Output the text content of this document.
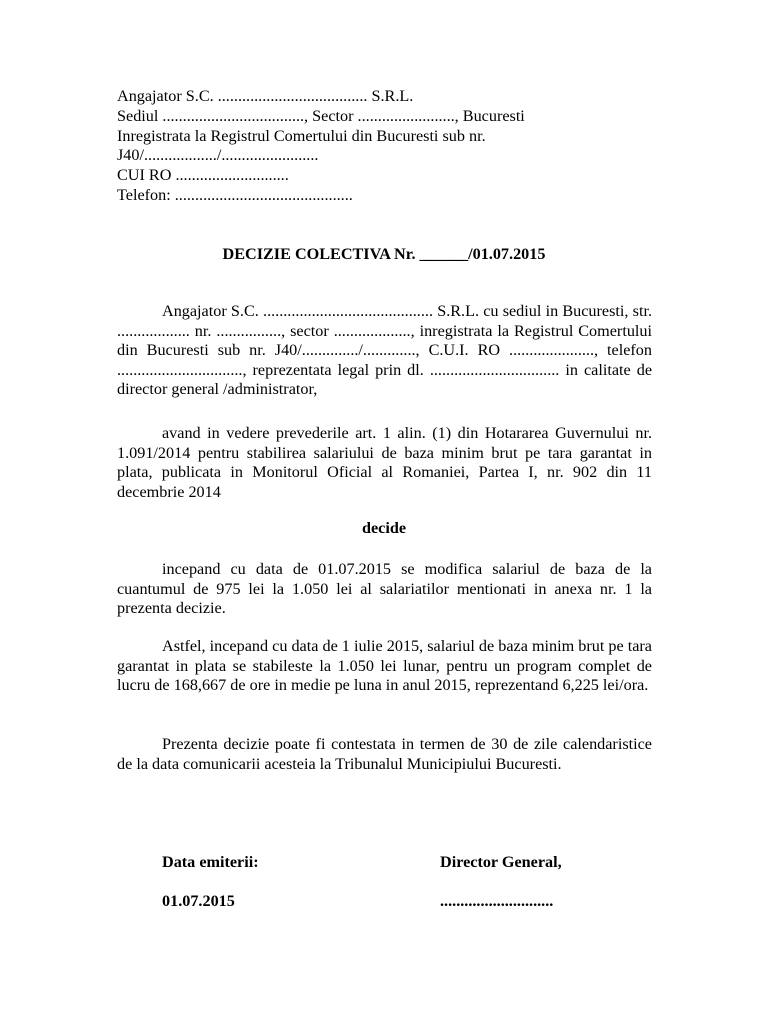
Angajator S.C. ..................................... S.R.L.
Sediul ..................................., Sector ........................, Bucuresti
Inregistrata la Registrul Comertului din Bucuresti sub nr.
J40/................../........................
CUI RO ............................
Telefon: ............................................
DECIZIE COLECTIVA Nr. ______/01.07.2015
Angajator S.C. .......................................... S.R.L. cu sediul in Bucuresti, str. .................. nr. ................, sector ..................., inregistrata la Registrul Comertului din Bucuresti sub nr. J40/............../............., C.U.I. RO ....................., telefon ..............................., reprezentata legal prin dl. ................................ in calitate de director general /administrator,
avand in vedere prevederile art. 1 alin. (1) din Hotararea Guvernului nr. 1.091/2014 pentru stabilirea salariului de baza minim brut pe tara garantat in plata, publicata in Monitorul Oficial al Romaniei, Partea I, nr. 902 din 11 decembrie 2014
decide
incepand cu data de 01.07.2015 se modifica salariul de baza de la cuantumul de 975 lei la 1.050 lei al salariatilor mentionati in anexa nr. 1 la prezenta decizie.
Astfel, incepand cu data de 1 iulie 2015, salariul de baza minim brut pe tara garantat in plata se stabileste la 1.050 lei lunar, pentru un program complet de lucru de 168,667 de ore in medie pe luna in anul 2015, reprezentand 6,225 lei/ora.
Prezenta decizie poate fi contestata in termen de 30 de zile calendaristice de la data comunicarii acesteia la Tribunalul Municipiului Bucuresti.
Data emiterii:	Director General,
01.07.2015	............................
